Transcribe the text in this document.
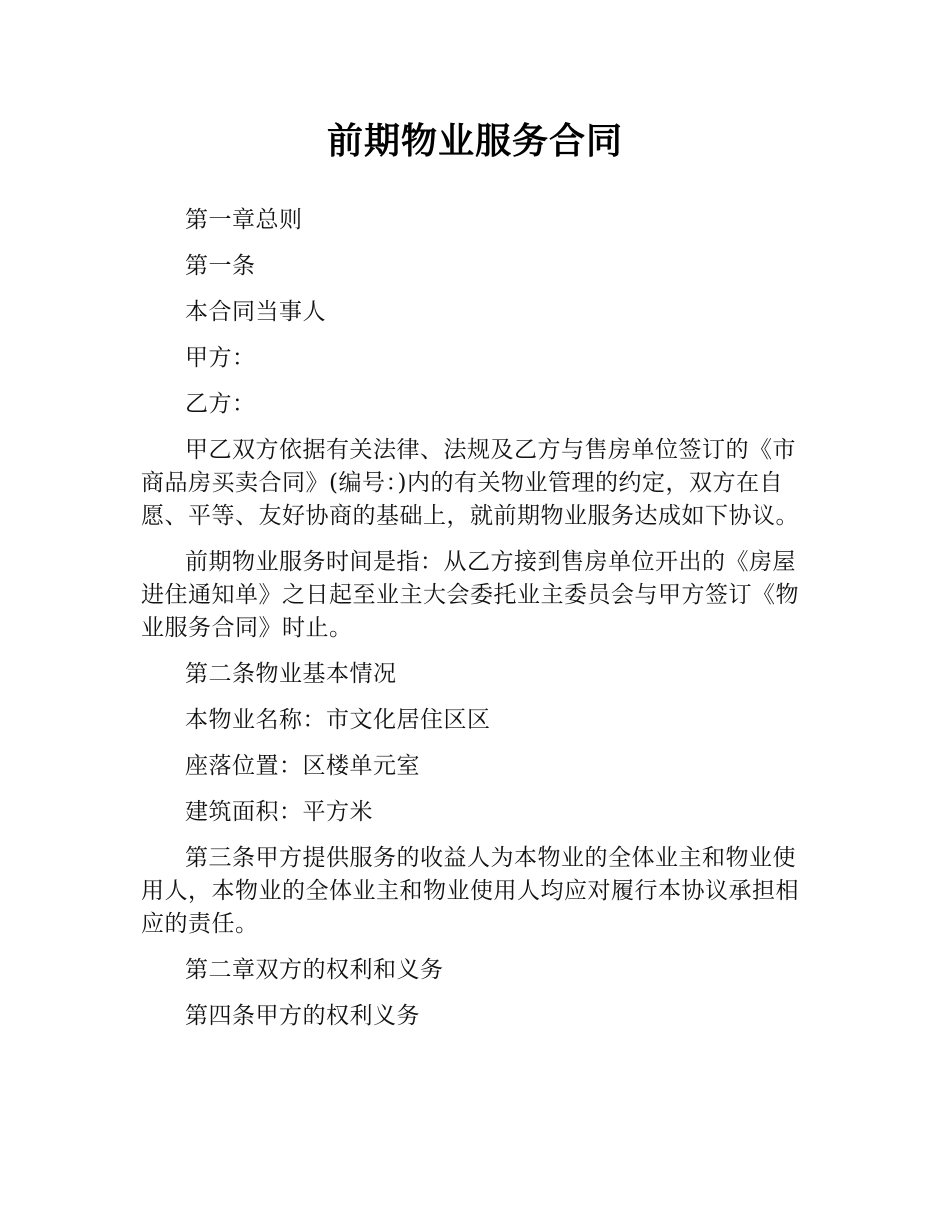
前期物业服务合同

第一章总则

第一条

本合同当事人

甲方：

乙方：

甲乙双方依据有关法律、法规及乙方与售房单位签订的《市商品房买卖合同》(编号：)内的有关物业管理的约定，双方在自愿、平等、友好协商的基础上，就前期物业服务达成如下协议。

前期物业服务时间是指：从乙方接到售房单位开出的《房屋进住通知单》之日起至业主大会委托业主委员会与甲方签订《物业服务合同》时止。

第二条物业基本情况

本物业名称：市文化居住区区

座落位置：区楼单元室

建筑面积：平方米

第三条甲方提供服务的收益人为本物业的全体业主和物业使用人，本物业的全体业主和物业使用人均应对履行本协议承担相应的责任。

第二章双方的权利和义务

第四条甲方的权利义务
